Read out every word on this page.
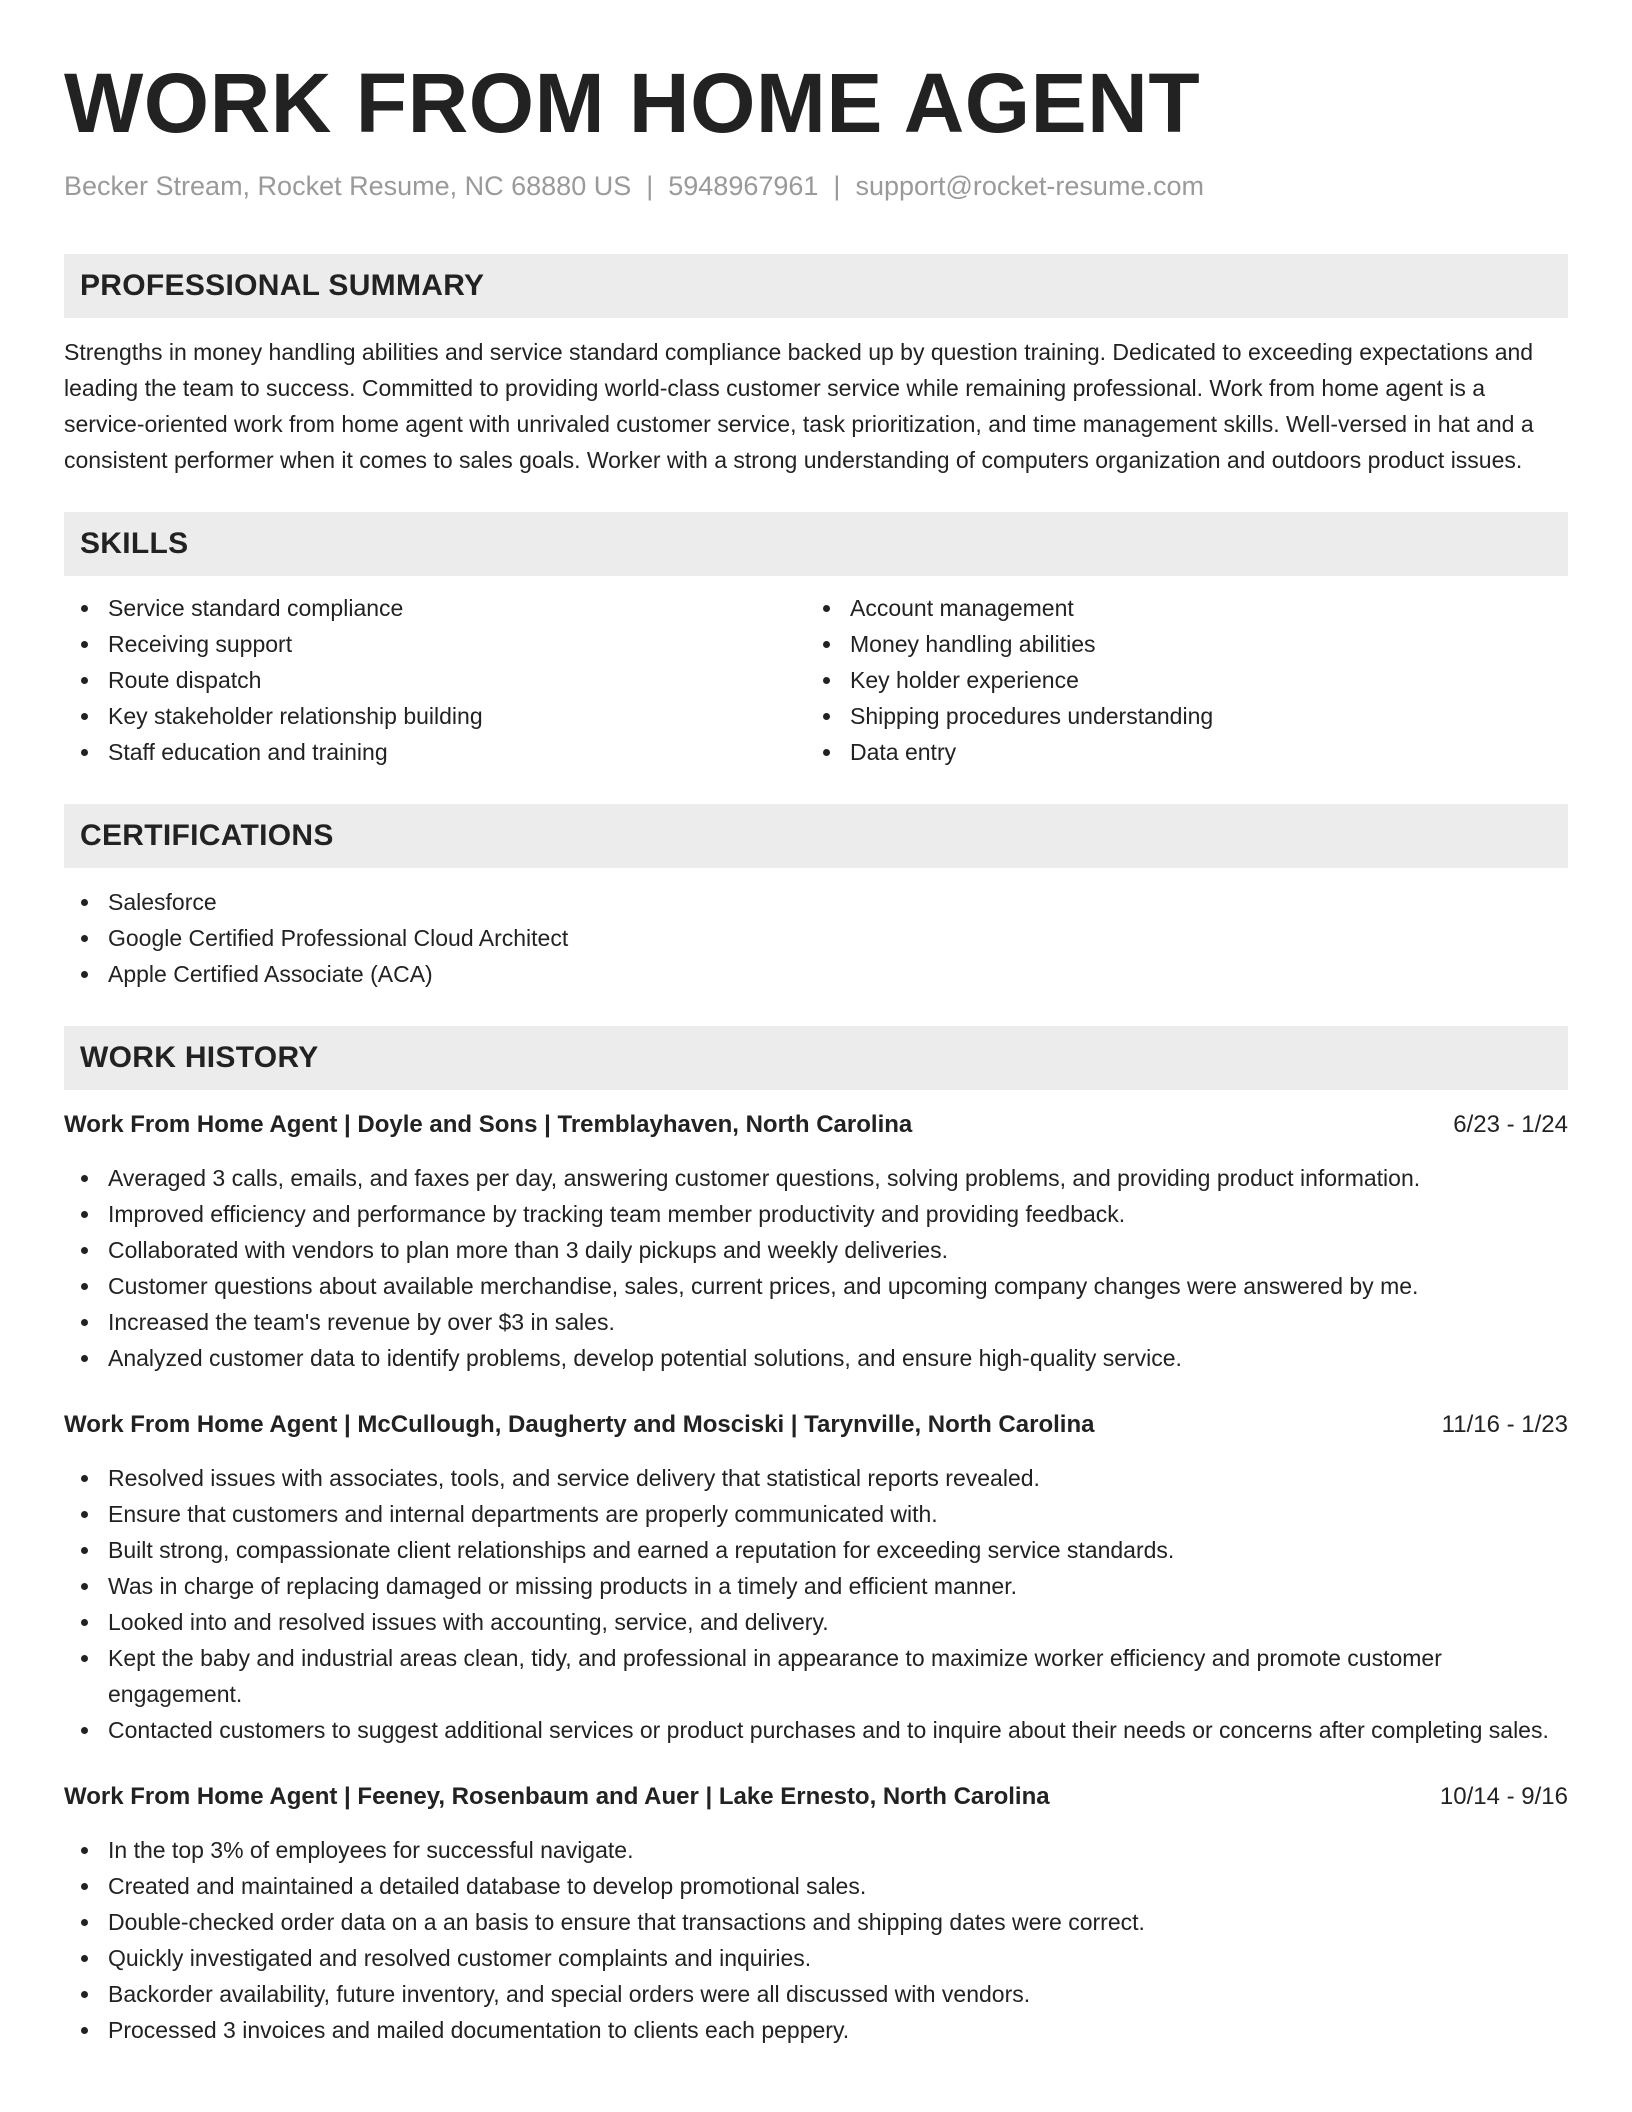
WORK FROM HOME AGENT
Becker Stream, Rocket Resume, NC 68880 US | 5948967961 | support@rocket-resume.com
PROFESSIONAL SUMMARY
Strengths in money handling abilities and service standard compliance backed up by question training. Dedicated to exceeding expectations and leading the team to success. Committed to providing world-class customer service while remaining professional. Work from home agent is a service-oriented work from home agent with unrivaled customer service, task prioritization, and time management skills. Well-versed in hat and a consistent performer when it comes to sales goals. Worker with a strong understanding of computers organization and outdoors product issues.
SKILLS
Service standard compliance
Receiving support
Route dispatch
Key stakeholder relationship building
Staff education and training
Account management
Money handling abilities
Key holder experience
Shipping procedures understanding
Data entry
CERTIFICATIONS
Salesforce
Google Certified Professional Cloud Architect
Apple Certified Associate (ACA)
WORK HISTORY
Work From Home Agent | Doyle and Sons | Tremblayhaven, North Carolina	6/23 - 1/24
Averaged 3 calls, emails, and faxes per day, answering customer questions, solving problems, and providing product information.
Improved efficiency and performance by tracking team member productivity and providing feedback.
Collaborated with vendors to plan more than 3 daily pickups and weekly deliveries.
Customer questions about available merchandise, sales, current prices, and upcoming company changes were answered by me.
Increased the team's revenue by over $3 in sales.
Analyzed customer data to identify problems, develop potential solutions, and ensure high-quality service.
Work From Home Agent | McCullough, Daugherty and Mosciski | Tarynville, North Carolina	11/16 - 1/23
Resolved issues with associates, tools, and service delivery that statistical reports revealed.
Ensure that customers and internal departments are properly communicated with.
Built strong, compassionate client relationships and earned a reputation for exceeding service standards.
Was in charge of replacing damaged or missing products in a timely and efficient manner.
Looked into and resolved issues with accounting, service, and delivery.
Kept the baby and industrial areas clean, tidy, and professional in appearance to maximize worker efficiency and promote customer engagement.
Contacted customers to suggest additional services or product purchases and to inquire about their needs or concerns after completing sales.
Work From Home Agent | Feeney, Rosenbaum and Auer | Lake Ernesto, North Carolina	10/14 - 9/16
In the top 3% of employees for successful navigate.
Created and maintained a detailed database to develop promotional sales.
Double-checked order data on a an basis to ensure that transactions and shipping dates were correct.
Quickly investigated and resolved customer complaints and inquiries.
Backorder availability, future inventory, and special orders were all discussed with vendors.
Processed 3 invoices and mailed documentation to clients each peppery.
